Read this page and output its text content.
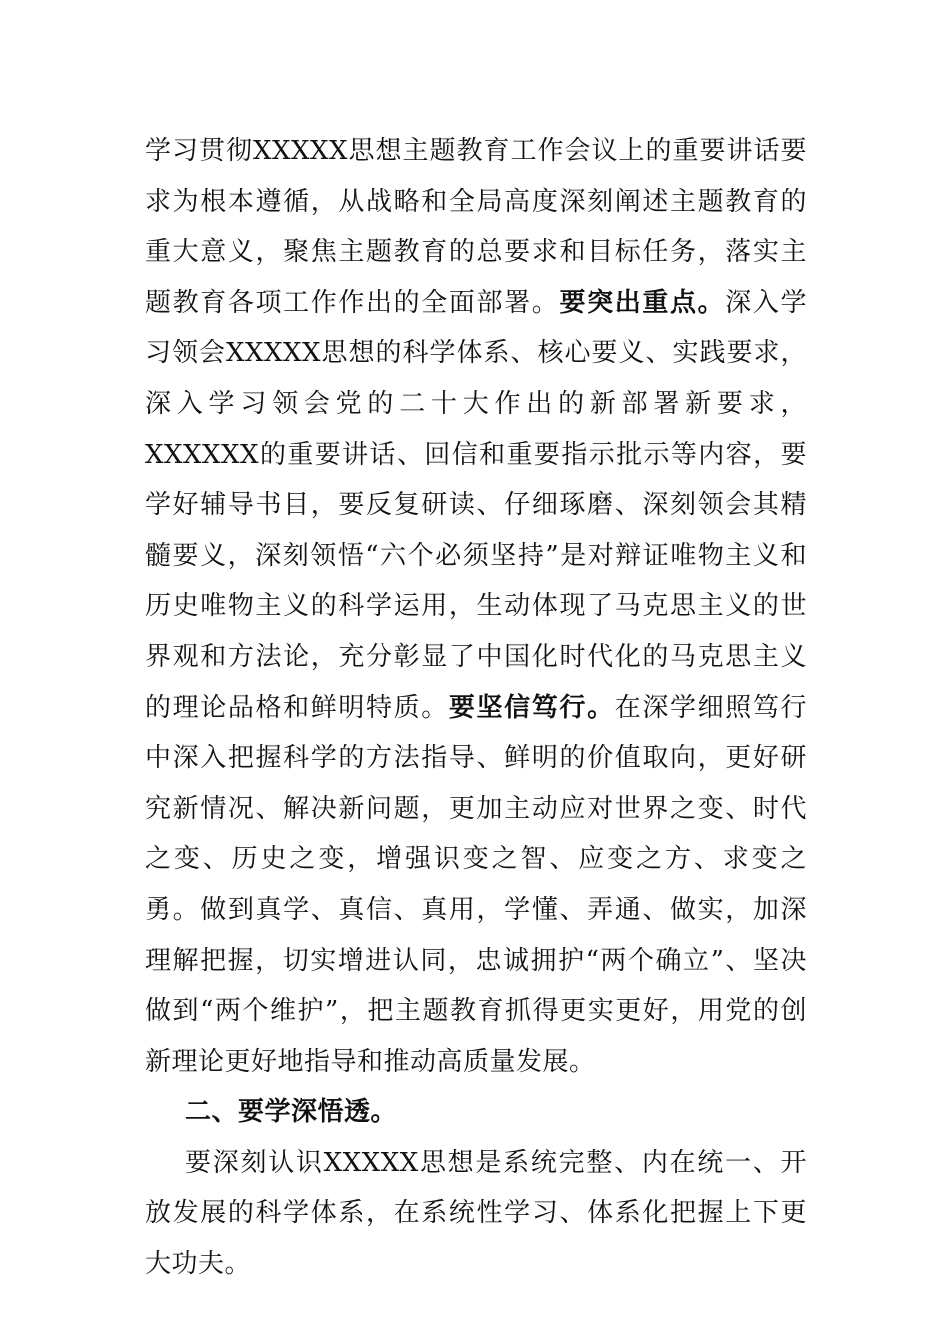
学习贯彻XXXXX思想主题教育工作会议上的重要讲话要求为根本遵循，从战略和全局高度深刻阐述主题教育的重大意义，聚焦主题教育的总要求和目标任务，落实主题教育各项工作作出的全面部署。要突出重点。深入学习领会XXXXX思想的科学体系、核心要义、实践要求，深入学习领会党的二十大作出的新部署新要求，XXXXXX的重要讲话、回信和重要指示批示等内容，要学好辅导书目，要反复研读、仔细琢磨、深刻领会其精髓要义，深刻领悟“六个必须坚持”是对辩证唯物主义和历史唯物主义的科学运用，生动体现了马克思主义的世界观和方法论，充分彰显了中国化时代化的马克思主义的理论品格和鲜明特质。要坚信笃行。在深学细照笃行中深入把握科学的方法指导、鲜明的价值取向，更好研究新情况、解决新问题，更加主动应对世界之变、时代之变、历史之变，增强识变之智、应变之方、求变之勇。做到真学、真信、真用，学懂、弄通、做实，加深理解把握，切实增进认同，忠诚拥护“两个确立”、坚决做到“两个维护”，把主题教育抓得更实更好，用党的创新理论更好地指导和推动高质量发展。

二、要学深悟透。

要深刻认识XXXXX思想是系统完整、内在统一、开放发展的科学体系，在系统性学习、体系化把握上下更大功夫。
